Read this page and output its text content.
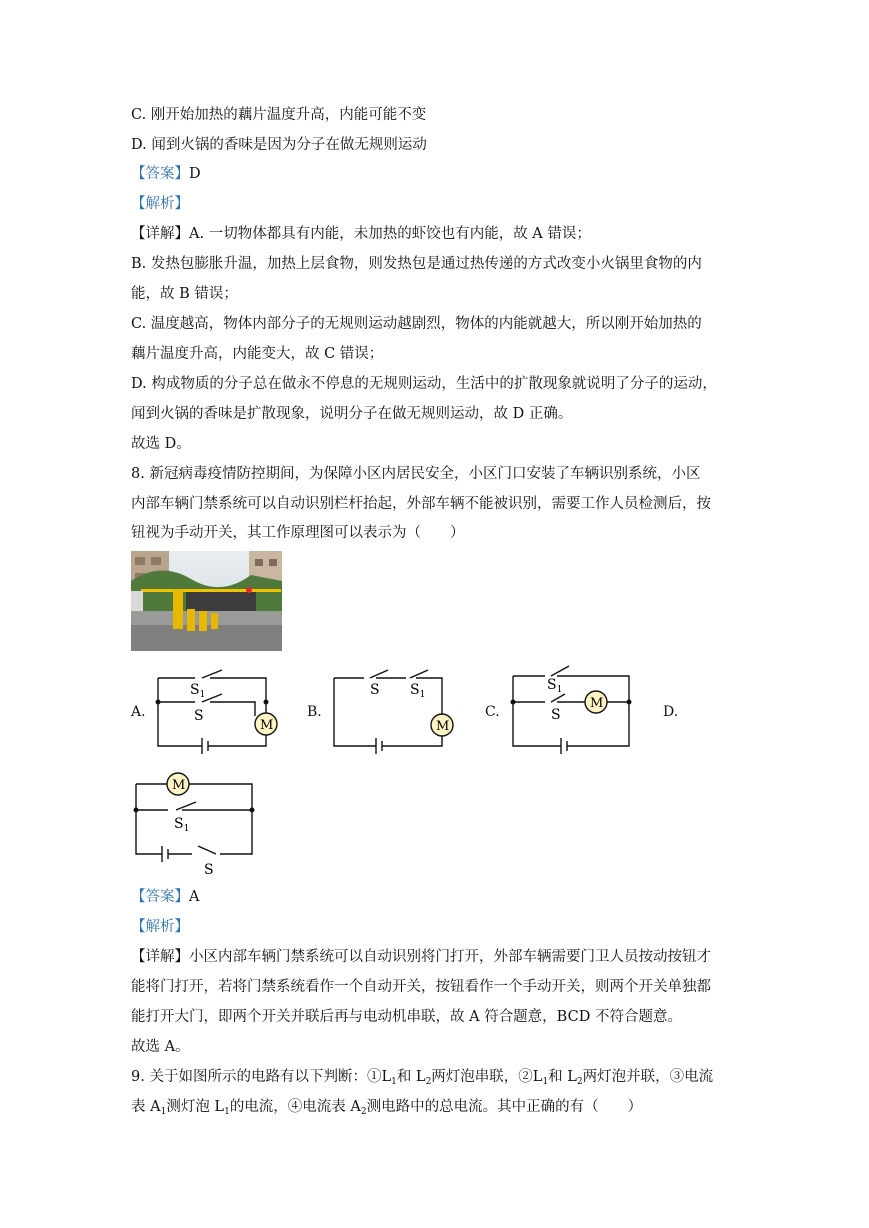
C. 刚开始加热的藕片温度升高，内能可能不变
D. 闻到火锅的香味是因为分子在做无规则运动
【答案】D
【解析】
【详解】A. 一切物体都具有内能，未加热的虾饺也有内能，故 A 错误；
B. 发热包膨胀升温，加热上层食物，则发热包是通过热传递的方式改变小火锅里食物的内
能，故 B 错误；
C. 温度越高，物体内部分子的无规则运动越剧烈，物体的内能就越大，所以刚开始加热的
藕片温度升高，内能变大，故 C 错误；
D. 构成物质的分子总在做永不停息的无规则运动，生活中的扩散现象就说明了分子的运动，
闻到火锅的香味是扩散现象，说明分子在做无规则运动，故 D 正确。
故选 D。
8. 新冠病毒疫情防控期间，为保障小区内居民安全，小区门口安装了车辆识别系统，小区
内部车辆门禁系统可以自动识别栏杆抬起，外部车辆不能被识别，需要工作人员检测后，按
钮视为手动开关，其工作原理图可以表示为（　　）
A.	B.	C.	D.
M
$S_1$
S
M
S $S_1$
M
$S_1$
S
M
$S_1$
S
【答案】A
【解析】
【详解】小区内部车辆门禁系统可以自动识别将门打开，外部车辆需要门卫人员按动按钮才
能将门打开，若将门禁系统看作一个自动开关，按钮看作一个手动开关，则两个开关单独都
能打开大门，即两个开关并联后再与电动机串联，故 A 符合题意，BCD 不符合题意。
故选 A。
9. 关于如图所示的电路有以下判断：$①L_1$和 $L_2$两灯泡串联，$②L_1$和 $L_2$两灯泡并联，③电流
表 $A_1$测灯泡 $L_1$的电流，④电流表 $A_2$测电路中的总电流。其中正确的有（　　）
